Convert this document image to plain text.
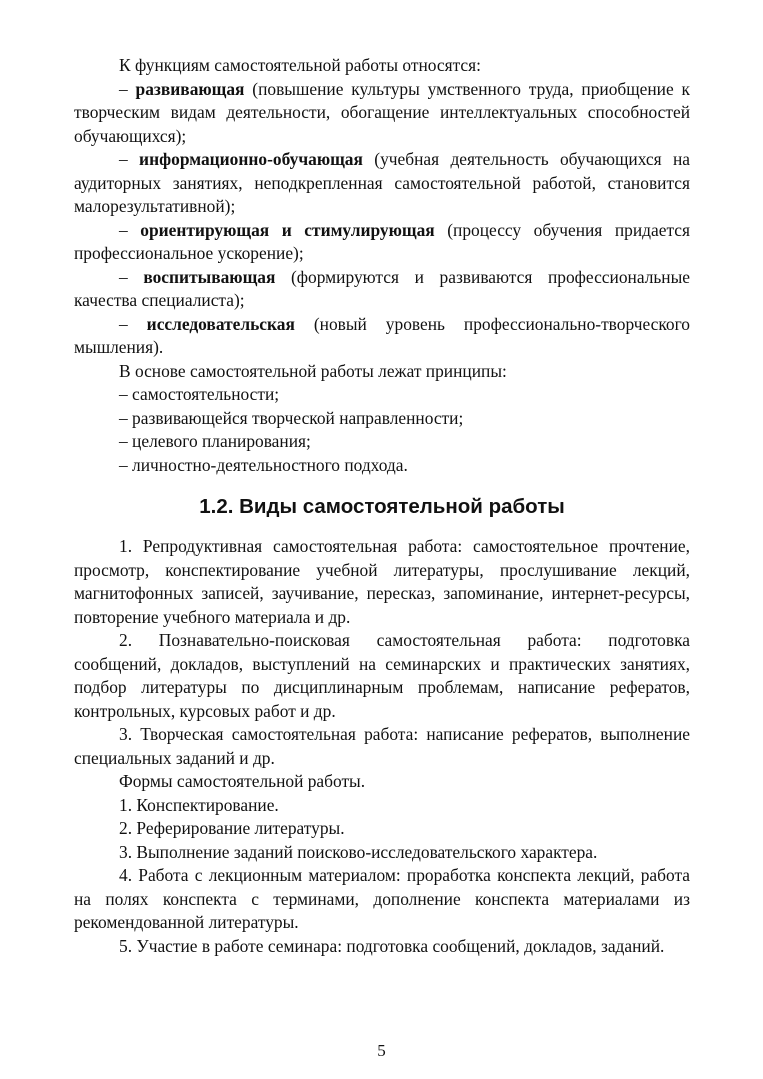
К функциям самостоятельной работы относятся:

– развивающая (повышение культуры умственного труда, приобщение к творческим видам деятельности, обогащение интеллектуальных способностей обучающихся);

– информационно-обучающая (учебная деятельность обучающихся на аудиторных занятиях, неподкрепленная самостоятельной работой, становится малорезультативной);

– ориентирующая и стимулирующая (процессу обучения придается профессиональное ускорение);

– воспитывающая (формируются и развиваются профессиональные качества специалиста);

– исследовательская (новый уровень профессионально-творческого мышления).

В основе самостоятельной работы лежат принципы:

– самостоятельности;

– развивающейся творческой направленности;

– целевого планирования;

– личностно-деятельностного подхода.

1.2. Виды самостоятельной работы

1. Репродуктивная самостоятельная работа: самостоятельное прочтение, просмотр, конспектирование учебной литературы, прослушивание лекций, магнитофонных записей, заучивание, пересказ, запоминание, интернет-ресурсы, повторение учебного материала и др.

2. Познавательно-поисковая самостоятельная работа: подготовка сообщений, докладов, выступлений на семинарских и практических занятиях, подбор литературы по дисциплинарным проблемам, написание рефератов, контрольных, курсовых работ и др.

3. Творческая самостоятельная работа: написание рефератов, выполнение специальных заданий и др.

Формы самостоятельной работы.

1. Конспектирование.

2. Реферирование литературы.

3. Выполнение заданий поисково-исследовательского характера.

4. Работа с лекционным материалом: проработка конспекта лекций, работа на полях конспекта с терминами, дополнение конспекта материалами из рекомендованной литературы.

5. Участие в работе семинара: подготовка сообщений, докладов, заданий.

5
